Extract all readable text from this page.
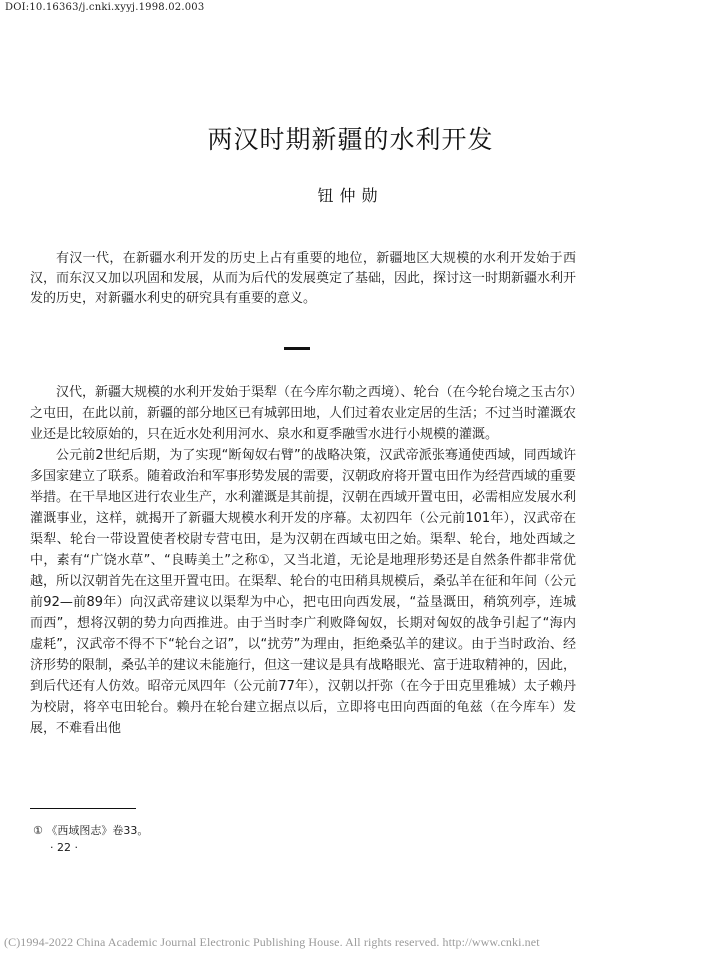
DOI:10.16363/j.cnki.xyyj.1998.02.003
两汉时期新疆的水利开发
钮仲勋
有汉一代，在新疆水利开发的历史上占有重要的地位，新疆地区大规模的水利开发始于西汉，而东汉又加以巩固和发展，从而为后代的发展奠定了基础，因此，探讨这一时期新疆水利开发的历史，对新疆水利史的研究具有重要的意义。

汉代，新疆大规模的水利开发始于渠犁（在今库尔勒之西境）、轮台（在今轮台境之玉古尔）之屯田，在此以前，新疆的部分地区已有城郭田地，人们过着农业定居的生活；不过当时灌溉农业还是比较原始的，只在近水处利用河水、泉水和夏季融雪水进行小规模的灌溉。

公元前2世纪后期，为了实现“断匈奴右臂”的战略决策，汉武帝派张骞通使西域，同西域许多国家建立了联系。随着政治和军事形势发展的需要，汉朝政府将开置屯田作为经营西域的重要举措。在干旱地区进行农业生产，水利灌溉是其前提，汉朝在西域开置屯田，必需相应发展水利灌溉事业，这样，就揭开了新疆大规模水利开发的序幕。太初四年（公元前101年），汉武帝在渠犁、轮台一带设置使者校尉专营屯田，是为汉朝在西域屯田之始。渠犁、轮台，地处西域之中，素有“广饶水草”、“良畴美土”之称①，又当北道，无论是地理形势还是自然条件都非常优越，所以汉朝首先在这里开置屯田。在渠犁、轮台的屯田稍具规模后，桑弘羊在征和年间（公元前92—前89年）向汉武帝建议以渠犁为中心，把屯田向西发展，“益垦溉田，稍筑列亭，连城而西”，想将汉朝的势力向西推进。由于当时李广利败降匈奴，长期对匈奴的战争引起了“海内虚耗”，汉武帝不得不下“轮台之诏”，以“扰劳”为理由，拒绝桑弘羊的建议。由于当时政治、经济形势的限制，桑弘羊的建议未能施行，但这一建议是具有战略眼光、富于进取精神的，因此，到后代还有人仿效。昭帝元凤四年（公元前77年），汉朝以扞弥（在今于田克里雅城）太子赖丹为校尉，将卒屯田轮台。赖丹在轮台建立据点以后，立即将屯田向西面的龟兹（在今库车）发展，不难看出他

① 《西域图志》卷33。
· 22 ·
(C)1994-2022 China Academic Journal Electronic Publishing House. All rights reserved. http://www.cnki.net
